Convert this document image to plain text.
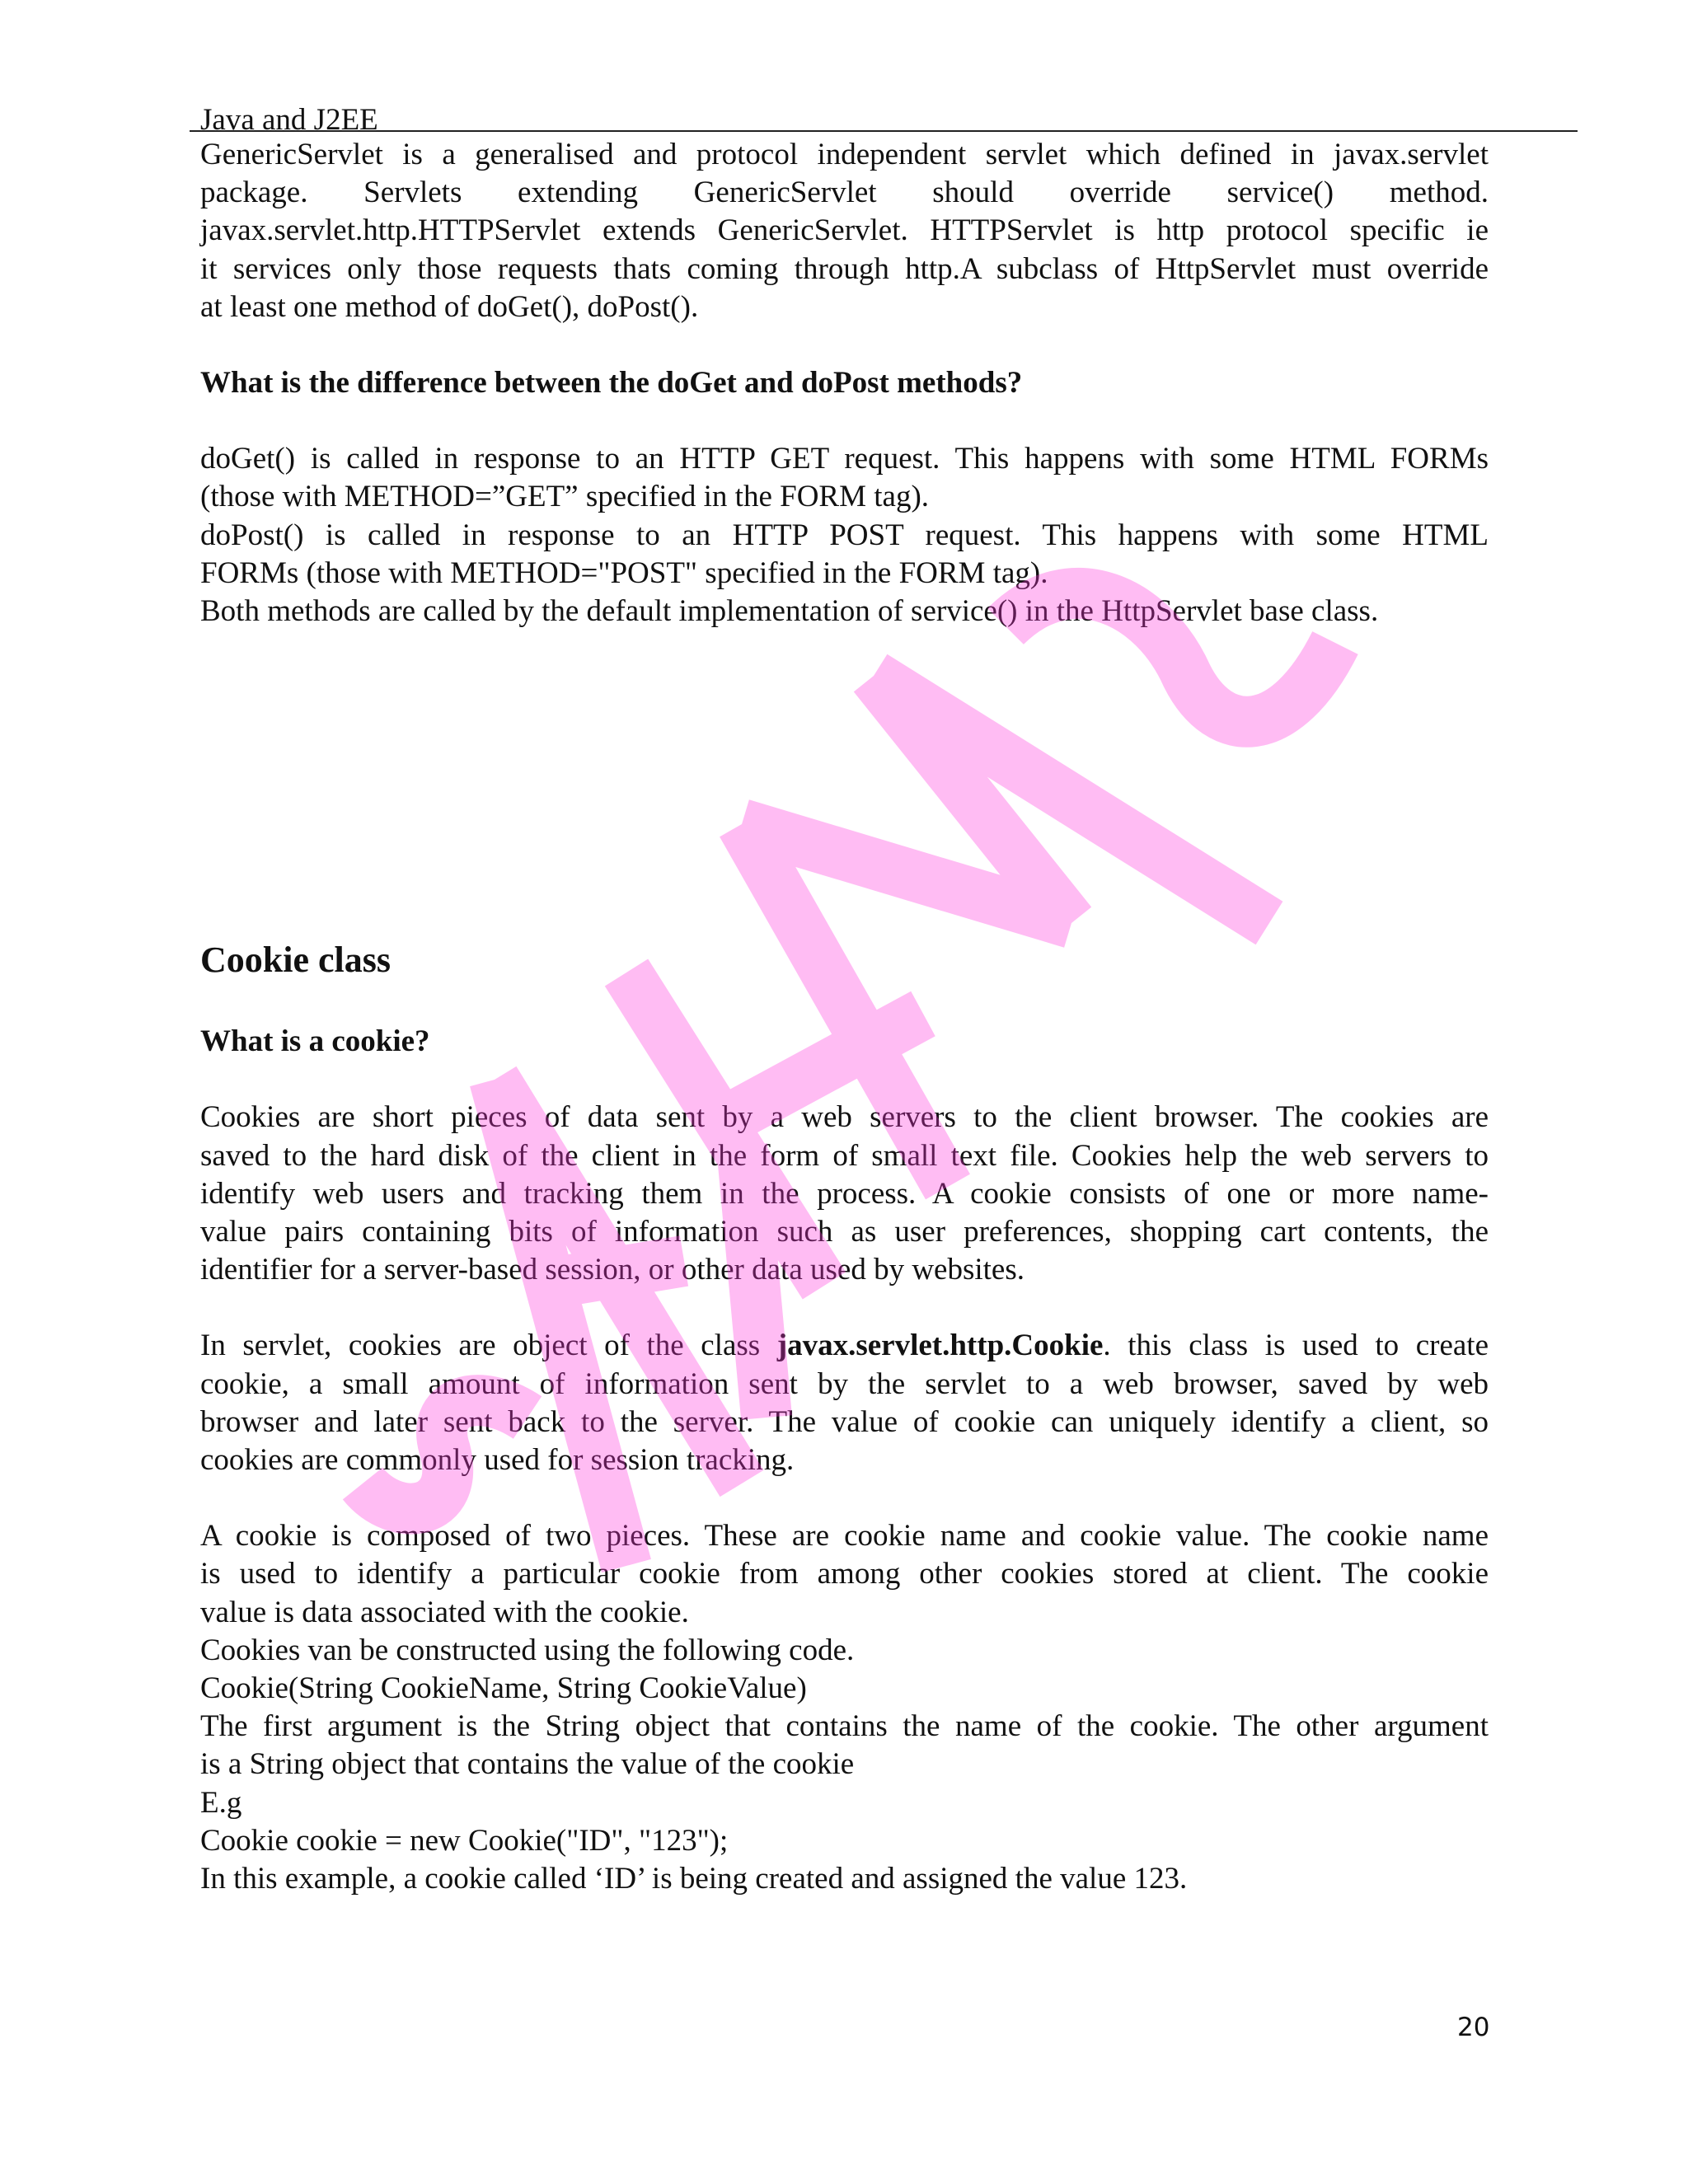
Java and J2EE

GenericServlet is a generalised and protocol independent servlet which defined in javax.servlet

package. Servlets extending GenericServlet should override service() method.

javax.servlet.http.HTTPServlet extends GenericServlet. HTTPServlet is http protocol specific ie

it services only those requests thats coming through http.A subclass of HttpServlet must override

at least one method of doGet(), doPost().

What is the difference between the doGet and doPost methods?

doGet() is called in response to an HTTP GET request. This happens with some HTML FORMs

(those with METHOD=”GET” specified in the FORM tag).

doPost() is called in response to an HTTP POST request. This happens with some HTML

FORMs (those with METHOD="POST" specified in the FORM tag).

Both methods are called by the default implementation of service() in the HttpServlet base class.

Cookie class

What is a cookie?

Cookies are short pieces of data sent by a web servers to the client browser. The cookies are

saved to the hard disk of the client in the form of small text file. Cookies help the web servers to

identify web users and tracking them in the process. A cookie consists of one or more name-

value pairs containing bits of information such as user preferences, shopping cart contents, the

identifier for a server-based session, or other data used by websites.

In servlet, cookies are object of the class javax.servlet.http.Cookie. this class is used to create

cookie, a small amount of information sent by the servlet to a web browser, saved by web

browser and later sent back to the server. The value of cookie can uniquely identify a client, so

cookies are commonly used for session tracking.

A cookie is composed of two pieces. These are cookie name and cookie value. The cookie name

is used to identify a particular cookie from among other cookies stored at client. The cookie

value is data associated with the cookie.

Cookies van be constructed using the following code.

Cookie(String CookieName, String CookieValue)

The first argument is the String object that contains the name of the cookie. The other argument

is a String object that contains the value of the cookie

E.g

Cookie cookie = new Cookie("ID", "123");

In this example, a cookie called ‘ID’ is being created and assigned the value 123.

20
